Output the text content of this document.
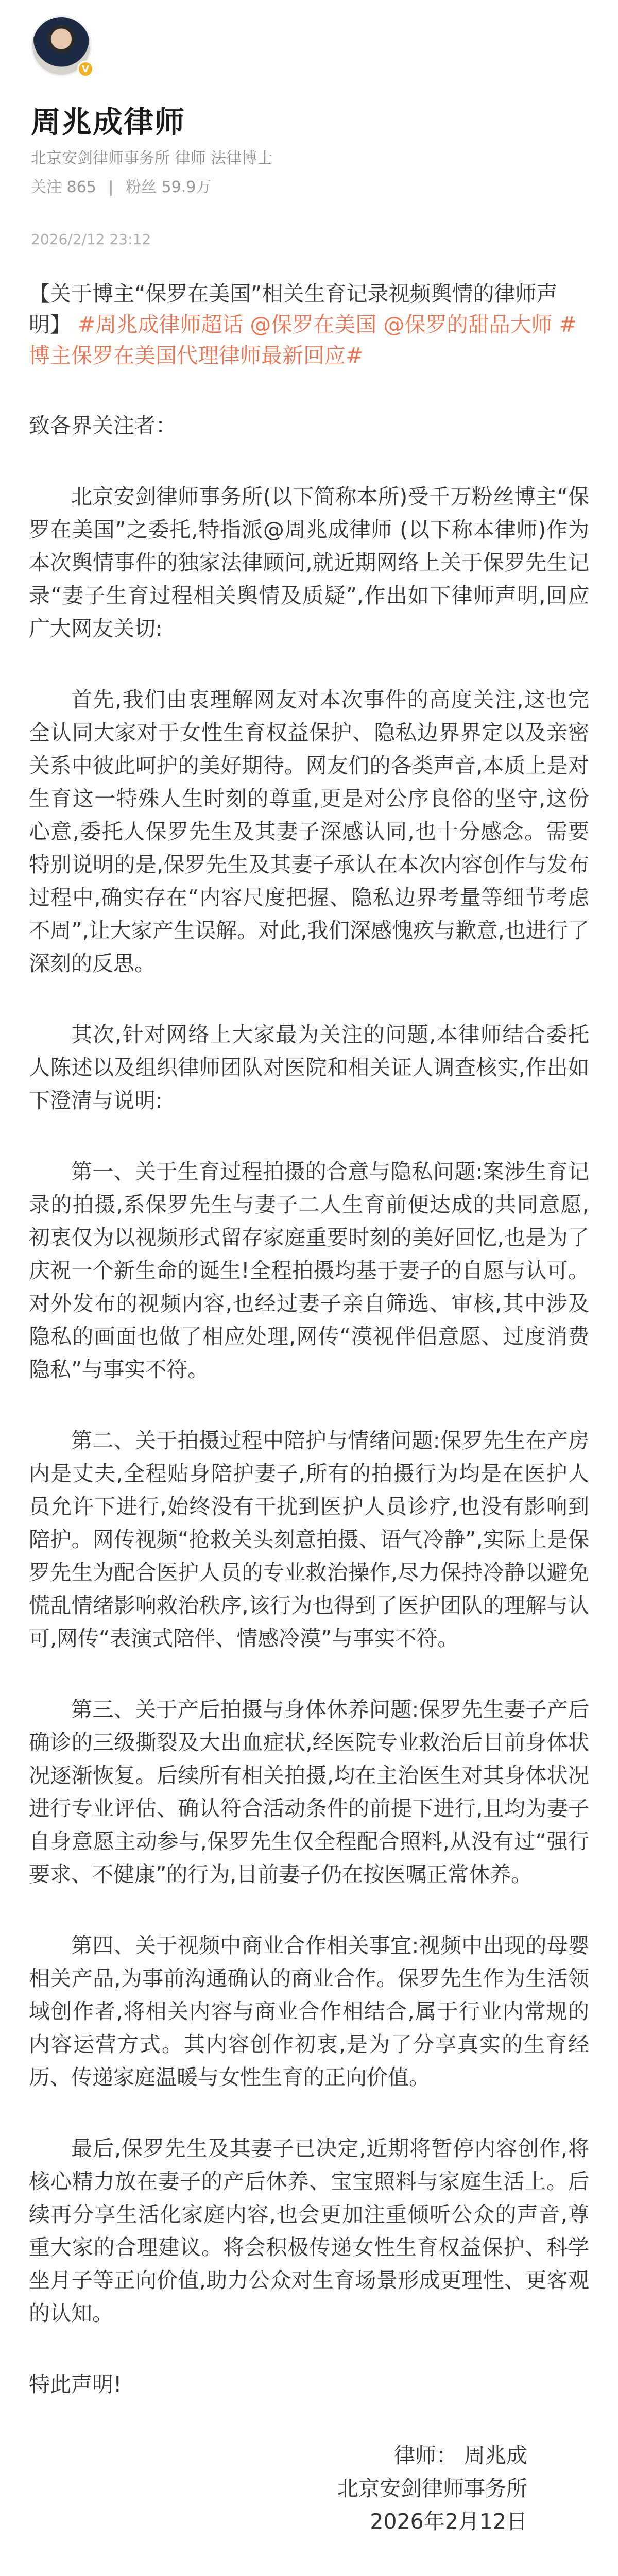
V
周兆成律师
北京安剑律师事务所 律师 法律博士
关注 865 | 粉丝 59.9万
2026/2/12 23:12
【关于博主“保罗在美国”相关生育记录视频舆情的律师声明】 #周兆成律师超话 @保罗在美国 @保罗的甜品大师 #博主保罗在美国代理律师最新回应#
致各界关注者：
北京安剑律师事务所(以下简称本所)受千万粉丝博主“保罗在美国”之委托,特指派@周兆成律师 (以下称本律师)作为本次舆情事件的独家法律顾问,就近期网络上关于保罗先生记录“妻子生育过程相关舆情及质疑”,作出如下律师声明,回应广大网友关切:
首先,我们由衷理解网友对本次事件的高度关注,这也完全认同大家对于女性生育权益保护、隐私边界界定以及亲密关系中彼此呵护的美好期待。网友们的各类声音,本质上是对生育这一特殊人生时刻的尊重,更是对公序良俗的坚守,这份心意,委托人保罗先生及其妻子深感认同,也十分感念。需要特别说明的是,保罗先生及其妻子承认在本次内容创作与发布过程中,确实存在“内容尺度把握、隐私边界考量等细节考虑不周”,让大家产生误解。对此,我们深感愧疚与歉意,也进行了深刻的反思。
其次,针对网络上大家最为关注的问题,本律师结合委托人陈述以及组织律师团队对医院和相关证人调查核实,作出如下澄清与说明:
第一、关于生育过程拍摄的合意与隐私问题:案涉生育记录的拍摄,系保罗先生与妻子二人生育前便达成的共同意愿,初衷仅为以视频形式留存家庭重要时刻的美好回忆,也是为了庆祝一个新生命的诞生!全程拍摄均基于妻子的自愿与认可。对外发布的视频内容,也经过妻子亲自筛选、审核,其中涉及隐私的画面也做了相应处理,网传“漠视伴侣意愿、过度消费隐私”与事实不符。
第二、关于拍摄过程中陪护与情绪问题:保罗先生在产房内是丈夫,全程贴身陪护妻子,所有的拍摄行为均是在医护人员允许下进行,始终没有干扰到医护人员诊疗,也没有影响到陪护。网传视频“抢救关头刻意拍摄、语气冷静”,实际上是保罗先生为配合医护人员的专业救治操作,尽力保持冷静以避免慌乱情绪影响救治秩序,该行为也得到了医护团队的理解与认可,网传“表演式陪伴、情感冷漠”与事实不符。
第三、关于产后拍摄与身体休养问题:保罗先生妻子产后确诊的三级撕裂及大出血症状,经医院专业救治后目前身体状况逐渐恢复。后续所有相关拍摄,均在主治医生对其身体状况进行专业评估、确认符合活动条件的前提下进行,且均为妻子自身意愿主动参与,保罗先生仅全程配合照料,从没有过“强行要求、不健康”的行为,目前妻子仍在按医嘱正常休养。
第四、关于视频中商业合作相关事宜:视频中出现的母婴相关产品,为事前沟通确认的商业合作。保罗先生作为生活领域创作者,将相关内容与商业合作相结合,属于行业内常规的内容运营方式。其内容创作初衷,是为了分享真实的生育经历、传递家庭温暖与女性生育的正向价值。
最后,保罗先生及其妻子已决定,近期将暂停内容创作,将核心精力放在妻子的产后休养、宝宝照料与家庭生活上。后续再分享生活化家庭内容,也会更加注重倾听公众的声音,尊重大家的合理建议。将会积极传递女性生育权益保护、科学坐月子等正向价值,助力公众对生育场景形成更理性、更客观的认知。
特此声明!
律师： 周兆成
北京安剑律师事务所
2026年2月12日
